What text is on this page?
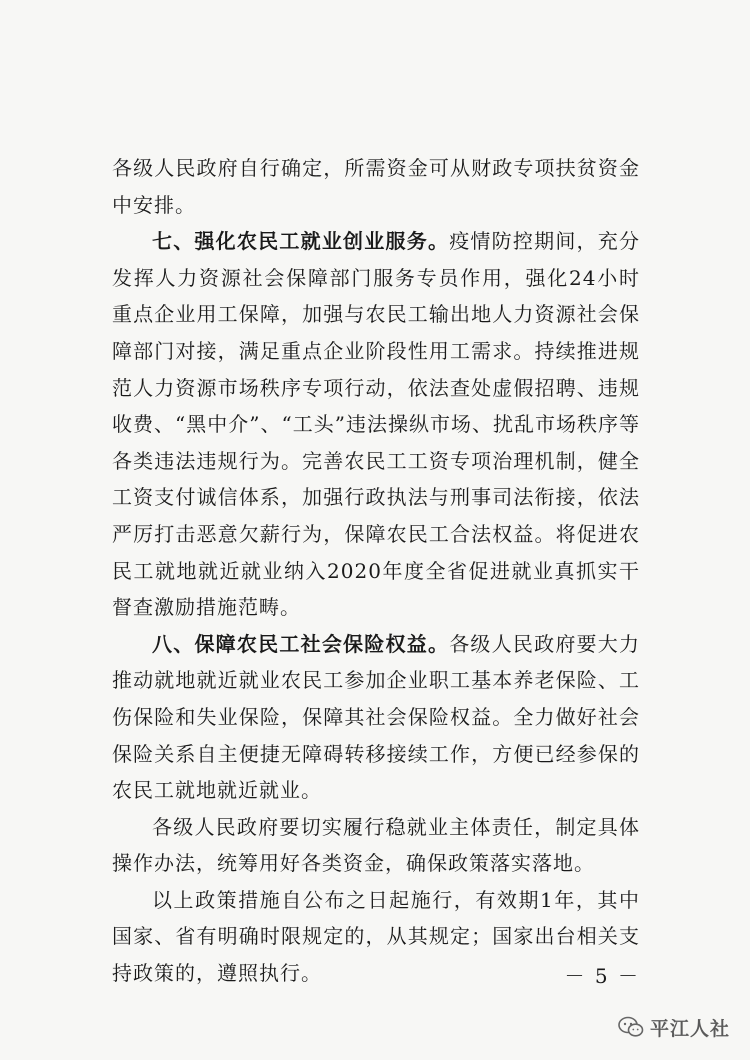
各级人民政府自行确定，所需资金可从财政专项扶贫资金中安排。

七、强化农民工就业创业服务。疫情防控期间，充分发挥人力资源社会保障部门服务专员作用，强化24小时重点企业用工保障，加强与农民工输出地人力资源社会保障部门对接，满足重点企业阶段性用工需求。持续推进规范人力资源市场秩序专项行动，依法查处虚假招聘、违规收费、“黑中介”、“工头”违法操纵市场、扰乱市场秩序等各类违法违规行为。完善农民工工资专项治理机制，健全工资支付诚信体系，加强行政执法与刑事司法衔接，依法严厉打击恶意欠薪行为，保障农民工合法权益。将促进农民工就地就近就业纳入2020年度全省促进就业真抓实干督查激励措施范畴。

八、保障农民工社会保险权益。各级人民政府要大力推动就地就近就业农民工参加企业职工基本养老保险、工伤保险和失业保险，保障其社会保险权益。全力做好社会保险关系自主便捷无障碍转移接续工作，方便已经参保的农民工就地就近就业。

各级人民政府要切实履行稳就业主体责任，制定具体操作办法，统筹用好各类资金，确保政策落实落地。

以上政策措施自公布之日起施行，有效期1年，其中国家、省有明确时限规定的，从其规定；国家出台相关支持政策的，遵照执行。	－ 5 －
平江人社
